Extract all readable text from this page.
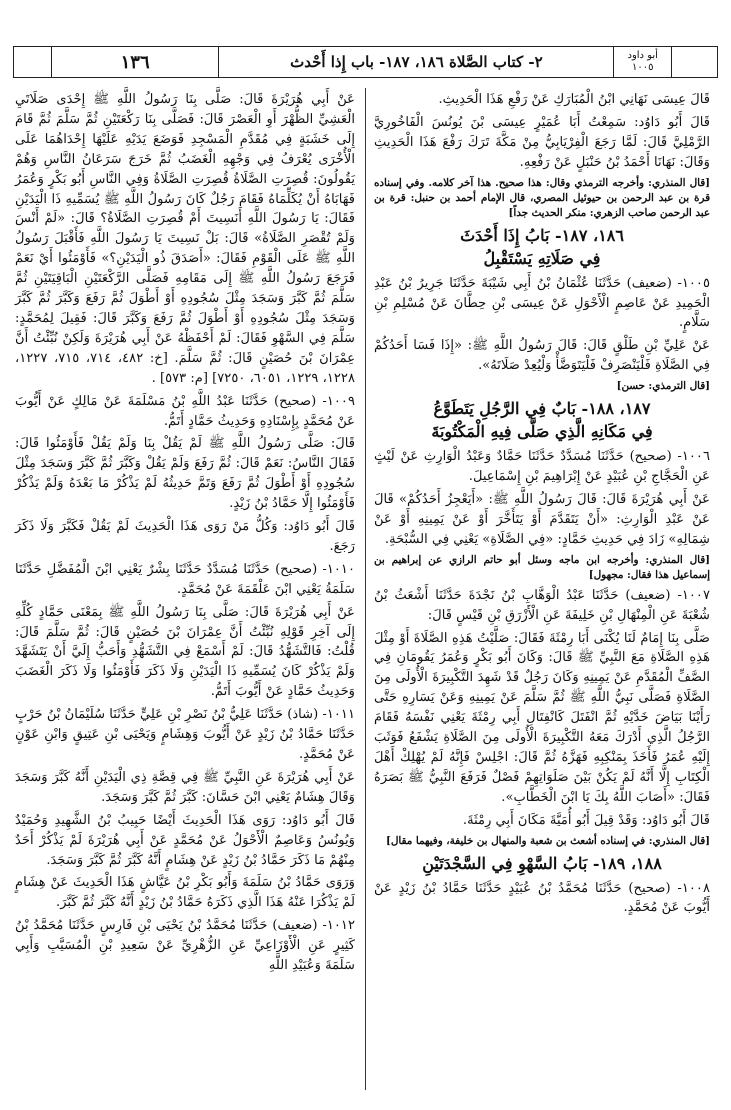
١٣٦	٢- كتاب الصَّلاة ١٨٦، ١٨٧- باب إِذا أَحْدث	أبو داود
١٠٠٥

قَالَ عِيسَى نَهَانِي ابْنُ الْمُبَارَكِ عَنْ رَفْعِ هَذَا الْحَدِيثِ.

قَالَ أَبُو دَاوُد: سَمِعْتُ أَبَا عُمَيْرٍ عِيسَى بْنَ يُونُسَ الْفَاخُورِيَّ الرَّمْلِيَّ قَالَ: لَمَّا رَجَعَ الْفِرْيَابِيُّ مِنْ مَكَّةَ تَرَكَ رَفْعَ هَذَا الْحَدِيثِ وَقَالَ: نَهَانَا أَحْمَدُ بْنُ حَنْبَلٍ عَنْ رَفْعِهِ.

[قال المنذري: وأخرجه الترمذي وقال: هذا صحيح. هذا آخر كلامه. وفي إسناده قرة بن عبد الرحمن بن حيوئيل المصري، قال الإمام أحمد بن حنبل: قرة بن عبد الرحمن صاحب الزهري: منكر الحديث جداً]

١٨٦، ١٨٧- بَابُ إِذَا أَحْدَثَ
فِي صَلَاتِهِ يَسْتَقْبِلُ

١٠٠٥- (ضعيف) حَدَّثَنَا عُثْمَانُ بْنُ أَبِي شَيْبَةَ حَدَّثَنَا جَرِيرُ بْنُ عَبْدِ الْحَمِيدِ عَنْ عَاصِمٍ الْأَحْوَلِ عَنْ عِيسَى بْنِ حِطَّانَ عَنْ مُسْلِمِ بْنِ سَلَّامٍ.

عَنْ عَلِيِّ بْنِ طَلْقٍ قَالَ: قَالَ رَسُولُ اللَّهِ ﷺ: «إِذَا فَسَا أَحَدُكُمْ فِي الصَّلَاةِ فَلْيَنْصَرِفْ فَلْيَتَوَضَّأْ وَلْيُعِدْ صَلَاتَهُ».

[قال الترمذي: حسن]

١٨٧، ١٨٨- بَابٌ فِي الرَّجُلِ يَتَطَوَّعُ
فِي مَكَانِهِ الَّذِي صَلَّى فِيهِ الْمَكْتُوبَةَ

١٠٠٦- (صحيح) حَدَّثَنَا مُسَدَّدٌ حَدَّثَنَا حَمَّادٌ وَعَبْدُ الْوَارِثِ عَنْ لَيْثٍ عَنِ الْحَجَّاجِ بْنِ عُبَيْدٍ عَنْ إِبْرَاهِيمَ بْنِ إِسْمَاعِيلَ.

عَنْ أَبِي هُرَيْرَةَ قَالَ: قَالَ رَسُولُ اللَّهِ ﷺ: «أَيَعْجِزُ أَحَدُكُمْ» قَالَ عَنْ عَبْدِ الْوَارِثِ: «أَنْ يَتَقَدَّمَ أَوْ يَتَأَخَّرَ أَوْ عَنْ يَمِينِهِ أَوْ عَنْ شِمَالِهِ» زَادَ فِي حَدِيثِ حَمَّادٍ: «فِي الصَّلَاةِ» يَعْنِي فِي السُّبْحَةِ.

[قال المنذري: وأخرجه ابن ماجه وسئل أبو حاتم الرازي عن إبراهيم بن إسماعيل هذا فقال: مجهول]

١٠٠٧- (ضعيف) حَدَّثَنَا عَبْدُ الْوَهَّابِ بْنُ نَجْدَةَ حَدَّثَنَا أَشْعَثُ بْنُ شُعْبَةَ عَنِ الْمِنْهَالِ بْنِ خَلِيفَةَ عَنِ الْأَزْرَقِ بْنِ قَيْسٍ قَالَ:

صَلَّى بِنَا إِمَامٌ لَنَا يُكْنَى أَبَا رِمْثَةَ فَقَالَ: صَلَّيْتُ هَذِهِ الصَّلَاةَ أَوْ مِثْلَ هَذِهِ الصَّلَاةِ مَعَ النَّبِيِّ ﷺ قَالَ: وَكَانَ أَبُو بَكْرٍ وَعُمَرُ يَقُومَانِ فِي الصَّفِّ الْمُقَدَّمِ عَنْ يَمِينِهِ وَكَانَ رَجُلٌ قَدْ شَهِدَ التَّكْبِيرَةَ الْأُولَى مِنَ الصَّلَاةِ فَصَلَّى نَبِيُّ اللَّهِ ﷺ ثُمَّ سَلَّمَ عَنْ يَمِينِهِ وَعَنْ يَسَارِهِ حَتَّى رَأَيْنَا بَيَاضَ خَدَّيْهِ ثُمَّ انْفَتَلَ كَانْفِتَالِ أَبِي رِمْثَةَ يَعْنِي نَفْسَهُ فَقَامَ الرَّجُلُ الَّذِي أَدْرَكَ مَعَهُ التَّكْبِيرَةَ الْأُولَى مِنَ الصَّلَاةِ يَشْفَعُ فَوَثَبَ إِلَيْهِ عُمَرُ فَأَخَذَ بِمَنْكِبِهِ فَهَزَّهُ ثُمَّ قَالَ: اجْلِسْ فَإِنَّهُ لَمْ يُهْلِكْ أَهْلَ الْكِتَابِ إِلَّا أَنَّهُ لَمْ يَكُنْ بَيْنَ صَلَوَاتِهِمْ فَصْلٌ فَرَفَعَ النَّبِيُّ ﷺ بَصَرَهُ فَقَالَ: «أَصَابَ اللَّهُ بِكَ يَا ابْنَ الْخَطَّابِ».

قَالَ أَبُو دَاوُد: وَقَدْ قِيلَ أَبُو أُمَيَّةَ مَكَانَ أَبِي رِمْثَةَ.

[قال المنذري: في إسناده أشعث بن شعبة والمنهال بن خليفة، وفيهما مقال]

١٨٨، ١٨٩- بَابُ السَّهْوِ فِي السَّجْدَتَيْنِ

١٠٠٨- (صحيح) حَدَّثَنَا مُحَمَّدُ بْنُ عُبَيْدٍ حَدَّثَنَا حَمَّادُ بْنُ زَيْدٍ عَنْ أَيُّوبَ عَنْ مُحَمَّدٍ.

عَنْ أَبِي هُرَيْرَةَ قَالَ: صَلَّى بِنَا رَسُولُ اللَّهِ ﷺ إِحْدَى صَلَاتَيِ الْعَشِيِّ الظُّهْرَ أَوِ الْعَصْرَ قَالَ: فَصَلَّى بِنَا رَكْعَتَيْنِ ثُمَّ سَلَّمَ ثُمَّ قَامَ إِلَى خَشَبَةٍ فِي مُقَدَّمِ الْمَسْجِدِ فَوَضَعَ يَدَيْهِ عَلَيْهَا إِحْدَاهُمَا عَلَى الْأُخْرَى يُعْرَفُ فِي وَجْهِهِ الْغَضَبُ ثُمَّ خَرَجَ سَرَعَانُ النَّاسِ وَهُمْ يَقُولُونَ: قُصِرَتِ الصَّلَاةُ قُصِرَتِ الصَّلَاةُ وَفِي النَّاسِ أَبُو بَكْرٍ وَعُمَرُ فَهَابَاهُ أَنْ يُكَلِّمَاهُ فَقَامَ رَجُلٌ كَانَ رَسُولُ اللَّهِ ﷺ يُسَمِّيهِ ذَا الْيَدَيْنِ فَقَالَ: يَا رَسُولَ اللَّهِ أَنَسِيتَ أَمْ قُصِرَتِ الصَّلَاةُ؟ قَالَ: «لَمْ أَنْسَ وَلَمْ تُقْصَرِ الصَّلَاةُ» قَالَ: بَلْ نَسِيتَ يَا رَسُولَ اللَّهِ فَأَقْبَلَ رَسُولُ اللَّهِ ﷺ عَلَى الْقَوْمِ فَقَالَ: «أَصَدَقَ ذُو الْيَدَيْنِ؟» فَأَوْمَئُوا أَيْ نَعَمْ فَرَجَعَ رَسُولُ اللَّهِ ﷺ إِلَى مَقَامِهِ فَصَلَّى الرَّكْعَتَيْنِ الْبَاقِيَتَيْنِ ثُمَّ سَلَّمَ ثُمَّ كَبَّرَ وَسَجَدَ مِثْلَ سُجُودِهِ أَوْ أَطْوَلَ ثُمَّ رَفَعَ وَكَبَّرَ ثُمَّ كَبَّرَ وَسَجَدَ مِثْلَ سُجُودِهِ أَوْ أَطْوَلَ ثُمَّ رَفَعَ وَكَبَّرَ قَالَ: فَقِيلَ لِمُحَمَّدٍ: سَلَّمَ فِي السَّهْوِ فَقَالَ: لَمْ أَحْفَظْهُ عَنْ أَبِي هُرَيْرَةَ وَلَكِنْ نُبِّئْتُ أَنَّ عِمْرَانَ بْنَ حُصَيْنٍ قَالَ: ثُمَّ سَلَّمَ. [خ: ٤٨٢، ٧١٤، ٧١٥، ١٢٢٧، ١٢٢٨، ١٢٢٩، ٦٠٥١، ٧٢٥٠] [م: ٥٧٣] .

١٠٠٩- (صحيح) حَدَّثَنَا عَبْدُ اللَّهِ بْنُ مَسْلَمَةَ عَنْ مَالِكٍ عَنْ أَيُّوبَ عَنْ مُحَمَّدٍ بِإِسْنَادِهِ وَحَدِيثُ حَمَّادٍ أَتَمُّ.

قَالَ: صَلَّى رَسُولُ اللَّهِ ﷺ لَمْ يَقُلْ بِنَا وَلَمْ يَقُلْ فَأَوْمَئُوا قَالَ: فَقَالَ النَّاسُ: نَعَمْ قَالَ: ثُمَّ رَفَعَ وَلَمْ يَقُلْ وَكَبَّرَ ثُمَّ كَبَّرَ وَسَجَدَ مِثْلَ سُجُودِهِ أَوْ أَطْوَلَ ثُمَّ رَفَعَ وَتَمَّ حَدِيثُهُ لَمْ يَذْكُرْ مَا بَعْدَهُ وَلَمْ يَذْكُرْ فَأَوْمَئُوا إِلَّا حَمَّادُ بْنُ زَيْدٍ.

قَالَ أَبُو دَاوُد: وَكُلُّ مَنْ رَوَى هَذَا الْحَدِيثَ لَمْ يَقُلْ فَكَبَّرَ وَلَا ذَكَرَ رَجَعَ.

١٠١٠- (صحيح) حَدَّثَنَا مُسَدَّدٌ حَدَّثَنَا بِشْرٌ يَعْنِي ابْنَ الْمُفَضَّلِ حَدَّثَنَا سَلَمَةُ يَعْنِي ابْنَ عَلْقَمَةَ عَنْ مُحَمَّدٍ.

عَنْ أَبِي هُرَيْرَةَ قَالَ: صَلَّى بِنَا رَسُولُ اللَّهِ ﷺ بِمَعْنَى حَمَّادٍ كُلِّهِ إِلَى آخِرِ قَوْلِهِ نُبِّئْتُ أَنَّ عِمْرَانَ بْنَ حُصَيْنٍ قَالَ: ثُمَّ سَلَّمَ قَالَ: قُلْتُ: فَالتَّشَهُّدُ قَالَ: لَمْ أَسْمَعْ فِي التَّشَهُّدِ وَأَحَبُّ إِلَيَّ أَنْ يَتَشَهَّدَ وَلَمْ يَذْكُرْ كَانَ يُسَمِّيهِ ذَا الْيَدَيْنِ وَلَا ذَكَرَ فَأَوْمَئُوا وَلَا ذَكَرَ الْغَضَبَ وَحَدِيثُ حَمَّادٍ عَنْ أَيُّوبَ أَتَمُّ.

١٠١١- (شاذ) حَدَّثَنَا عَلِيُّ بْنُ نَصْرِ بْنِ عَلِيٍّ حَدَّثَنَا سُلَيْمَانُ بْنُ حَرْبٍ حَدَّثَنَا حَمَّادُ بْنُ زَيْدٍ عَنْ أَيُّوبَ وَهِشَامٍ وَيَحْيَى بْنِ عَتِيقٍ وَابْنِ عَوْنٍ عَنْ مُحَمَّدٍ.

عَنْ أَبِي هُرَيْرَةَ عَنِ النَّبِيِّ ﷺ فِي قِصَّةِ ذِي الْيَدَيْنِ أَنَّهُ كَبَّرَ وَسَجَدَ وَقَالَ هِشَامٌ يَعْنِي ابْنَ حَسَّانَ: كَبَّرَ ثُمَّ كَبَّرَ وَسَجَدَ.

قَالَ أَبُو دَاوُد: رَوَى هَذَا الْحَدِيثَ أَيْضًا حَبِيبُ بْنُ الشَّهِيدِ وَحُمَيْدٌ وَيُونُسُ وَعَاصِمٌ الْأَحْوَلُ عَنْ مُحَمَّدٍ عَنْ أَبِي هُرَيْرَةَ لَمْ يَذْكُرْ أَحَدٌ مِنْهُمْ مَا ذَكَرَ حَمَّادُ بْنُ زَيْدٍ عَنْ هِشَامٍ أَنَّهُ كَبَّرَ ثُمَّ كَبَّرَ وَسَجَدَ.

وَرَوَى حَمَّادُ بْنُ سَلَمَةَ وَأَبُو بَكْرِ بْنُ عَيَّاشٍ هَذَا الْحَدِيثَ عَنْ هِشَامٍ لَمْ يَذْكُرَا عَنْهُ هَذَا الَّذِي ذَكَرَهُ حَمَّادُ بْنُ زَيْدٍ أَنَّهُ كَبَّرَ ثُمَّ كَبَّرَ.

١٠١٢- (ضعيف) حَدَّثَنَا مُحَمَّدُ بْنُ يَحْيَى بْنِ فَارِسٍ حَدَّثَنَا مُحَمَّدُ بْنُ كَثِيرٍ عَنِ الْأَوْزَاعِيِّ عَنِ الزُّهْرِيِّ عَنْ سَعِيدِ بْنِ الْمُسَيَّبِ وَأَبِي سَلَمَةَ وَعُبَيْدِ اللَّهِ
